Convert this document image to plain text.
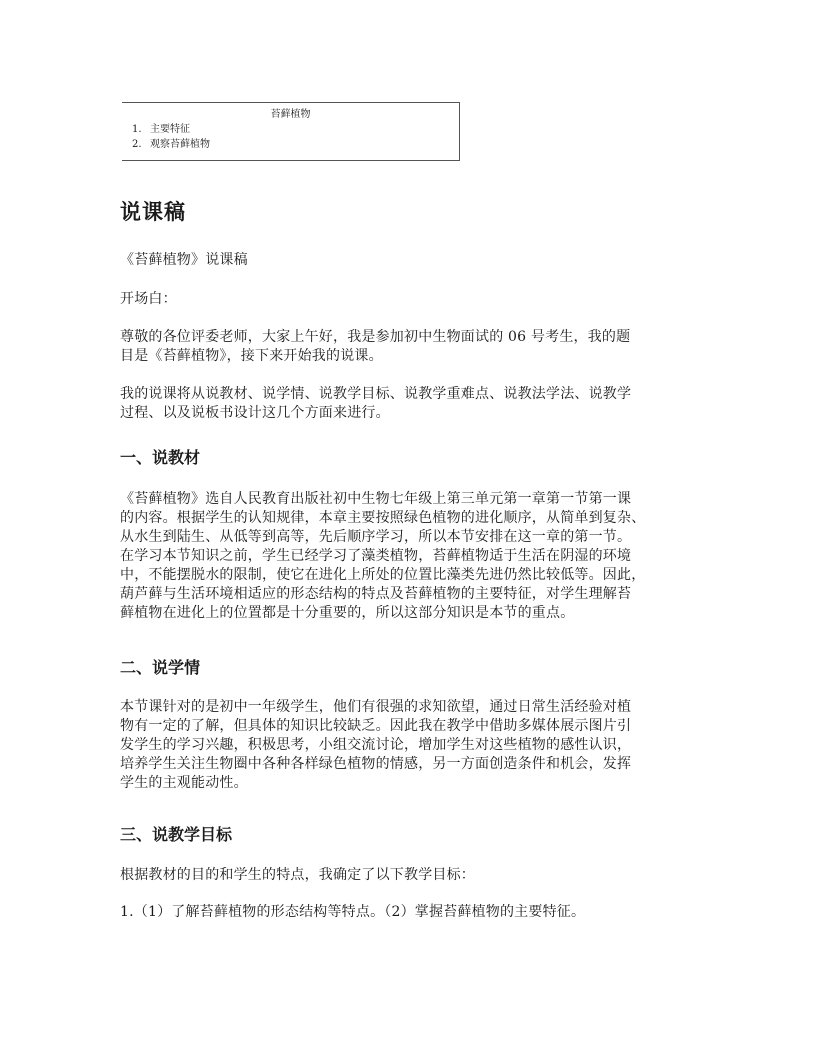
苔藓植物
1. 主要特征
2. 观察苔藓植物
说课稿

《苔藓植物》说课稿

开场白：

尊敬的各位评委老师，大家上午好，我是参加初中生物面试的 06 号考生，我的题

目是《苔藓植物》，接下来开始我的说课。

我的说课将从说教材、说学情、说教学目标、说教学重难点、说教法学法、说教学

过程、以及说板书设计这几个方面来进行。

一、说教材

《苔藓植物》选自人民教育出版社初中生物七年级上第三单元第一章第一节第一课

的内容。根据学生的认知规律，本章主要按照绿色植物的进化顺序，从简单到复杂、

从水生到陆生、从低等到高等，先后顺序学习，所以本节安排在这一章的第一节。

在学习本节知识之前，学生已经学习了藻类植物，苔藓植物适于生活在阴湿的环境

中，不能摆脱水的限制，使它在进化上所处的位置比藻类先进仍然比较低等。因此，

葫芦藓与生活环境相适应的形态结构的特点及苔藓植物的主要特征，对学生理解苔

藓植物在进化上的位置都是十分重要的，所以这部分知识是本节的重点。

二、说学情

本节课针对的是初中一年级学生，他们有很强的求知欲望，通过日常生活经验对植

物有一定的了解，但具体的知识比较缺乏。因此我在教学中借助多媒体展示图片引

发学生的学习兴趣，积极思考，小组交流讨论，增加学生对这些植物的感性认识，

培养学生关注生物圈中各种各样绿色植物的情感，另一方面创造条件和机会，发挥

学生的主观能动性。

三、说教学目标

根据教材的目的和学生的特点，我确定了以下教学目标：

1.（1）了解苔藓植物的形态结构等特点。（2）掌握苔藓植物的主要特征。
